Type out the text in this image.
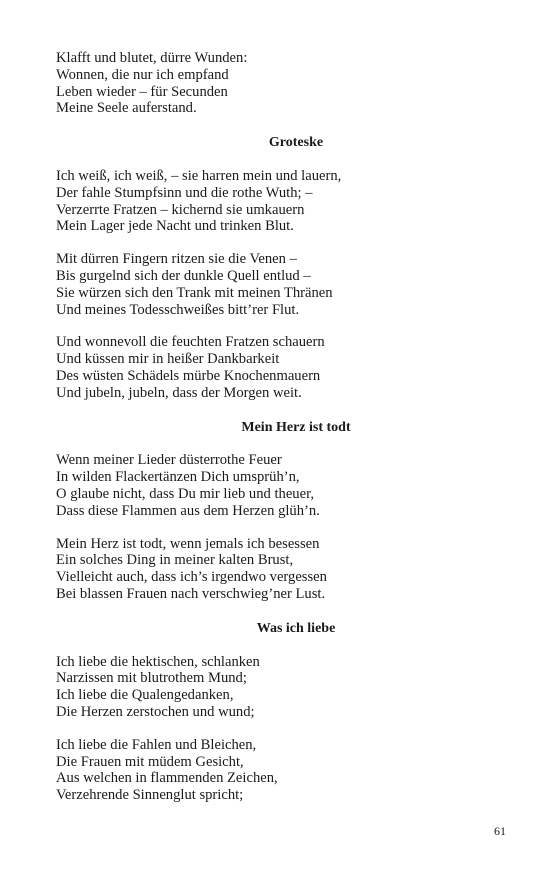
Klafft und blutet, dürre Wunden:
Wonnen, die nur ich empfand
Leben wieder – für Secunden
Meine Seele auferstand.
Groteske
Ich weiß, ich weiß, – sie harren mein und lauern,
Der fahle Stumpfsinn und die rothe Wuth; –
Verzerrte Fratzen – kichernd sie umkauern
Mein Lager jede Nacht und trinken Blut.
Mit dürren Fingern ritzen sie die Venen –
Bis gurgelnd sich der dunkle Quell entlud –
Sie würzen sich den Trank mit meinen Thränen
Und meines Todesschweißes bitt’rer Flut.
Und wonnevoll die feuchten Fratzen schauern
Und küssen mir in heißer Dankbarkeit
Des wüsten Schädels mürbe Knochenmauern
Und jubeln, jubeln, dass der Morgen weit.
Mein Herz ist todt
Wenn meiner Lieder düsterrothe Feuer
In wilden Flackertänzen Dich umsprüh’n,
O glaube nicht, dass Du mir lieb und theuer,
Dass diese Flammen aus dem Herzen glüh’n.
Mein Herz ist todt, wenn jemals ich besessen
Ein solches Ding in meiner kalten Brust,
Vielleicht auch, dass ich’s irgendwo vergessen
Bei blassen Frauen nach verschwieg’ner Lust.
Was ich liebe
Ich liebe die hektischen, schlanken
Narzissen mit blutrothem Mund;
Ich liebe die Qualengedanken,
Die Herzen zerstochen und wund;
Ich liebe die Fahlen und Bleichen,
Die Frauen mit müdem Gesicht,
Aus welchen in flammenden Zeichen,
Verzehrende Sinnenglut spricht;
61
